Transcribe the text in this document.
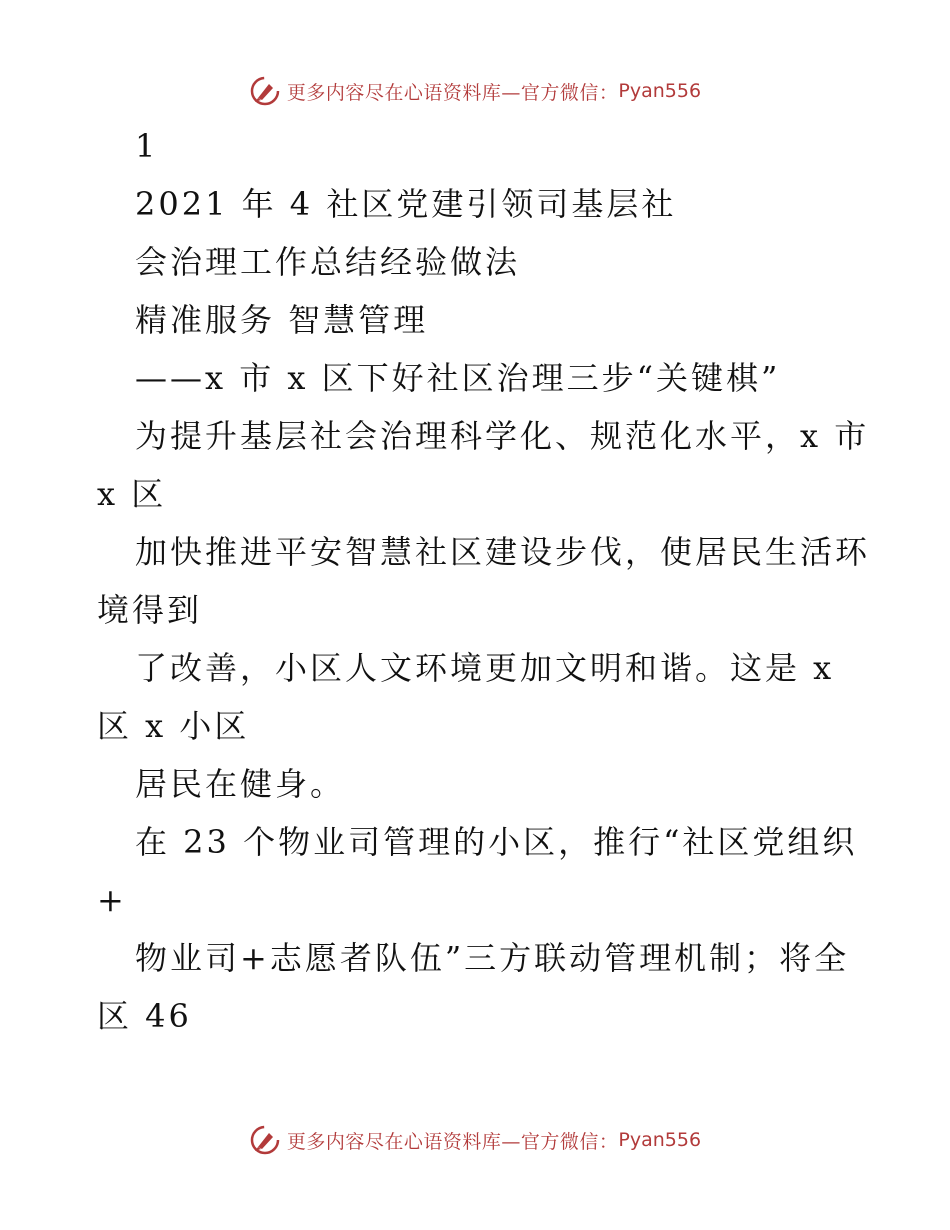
更多内容尽在心语资料库—官方微信： Pyan556
1
2021 年 4 社区党建引领司基层社
会治理工作总结经验做法
精准服务 智慧管理
——x 市 x 区下好社区治理三步“关键棋”
为提升基层社会治理科学化、规范化水平，x 市
x 区
加快推进平安智慧社区建设步伐，使居民生活环
境得到
了改善，小区人文环境更加文明和谐。这是 x
区 x 小区
居民在健身。
在 23 个物业司管理的小区，推行“社区党组织
+
物业司+志愿者队伍”三方联动管理机制；将全
区 46
更多内容尽在心语资料库—官方微信： Pyan556
